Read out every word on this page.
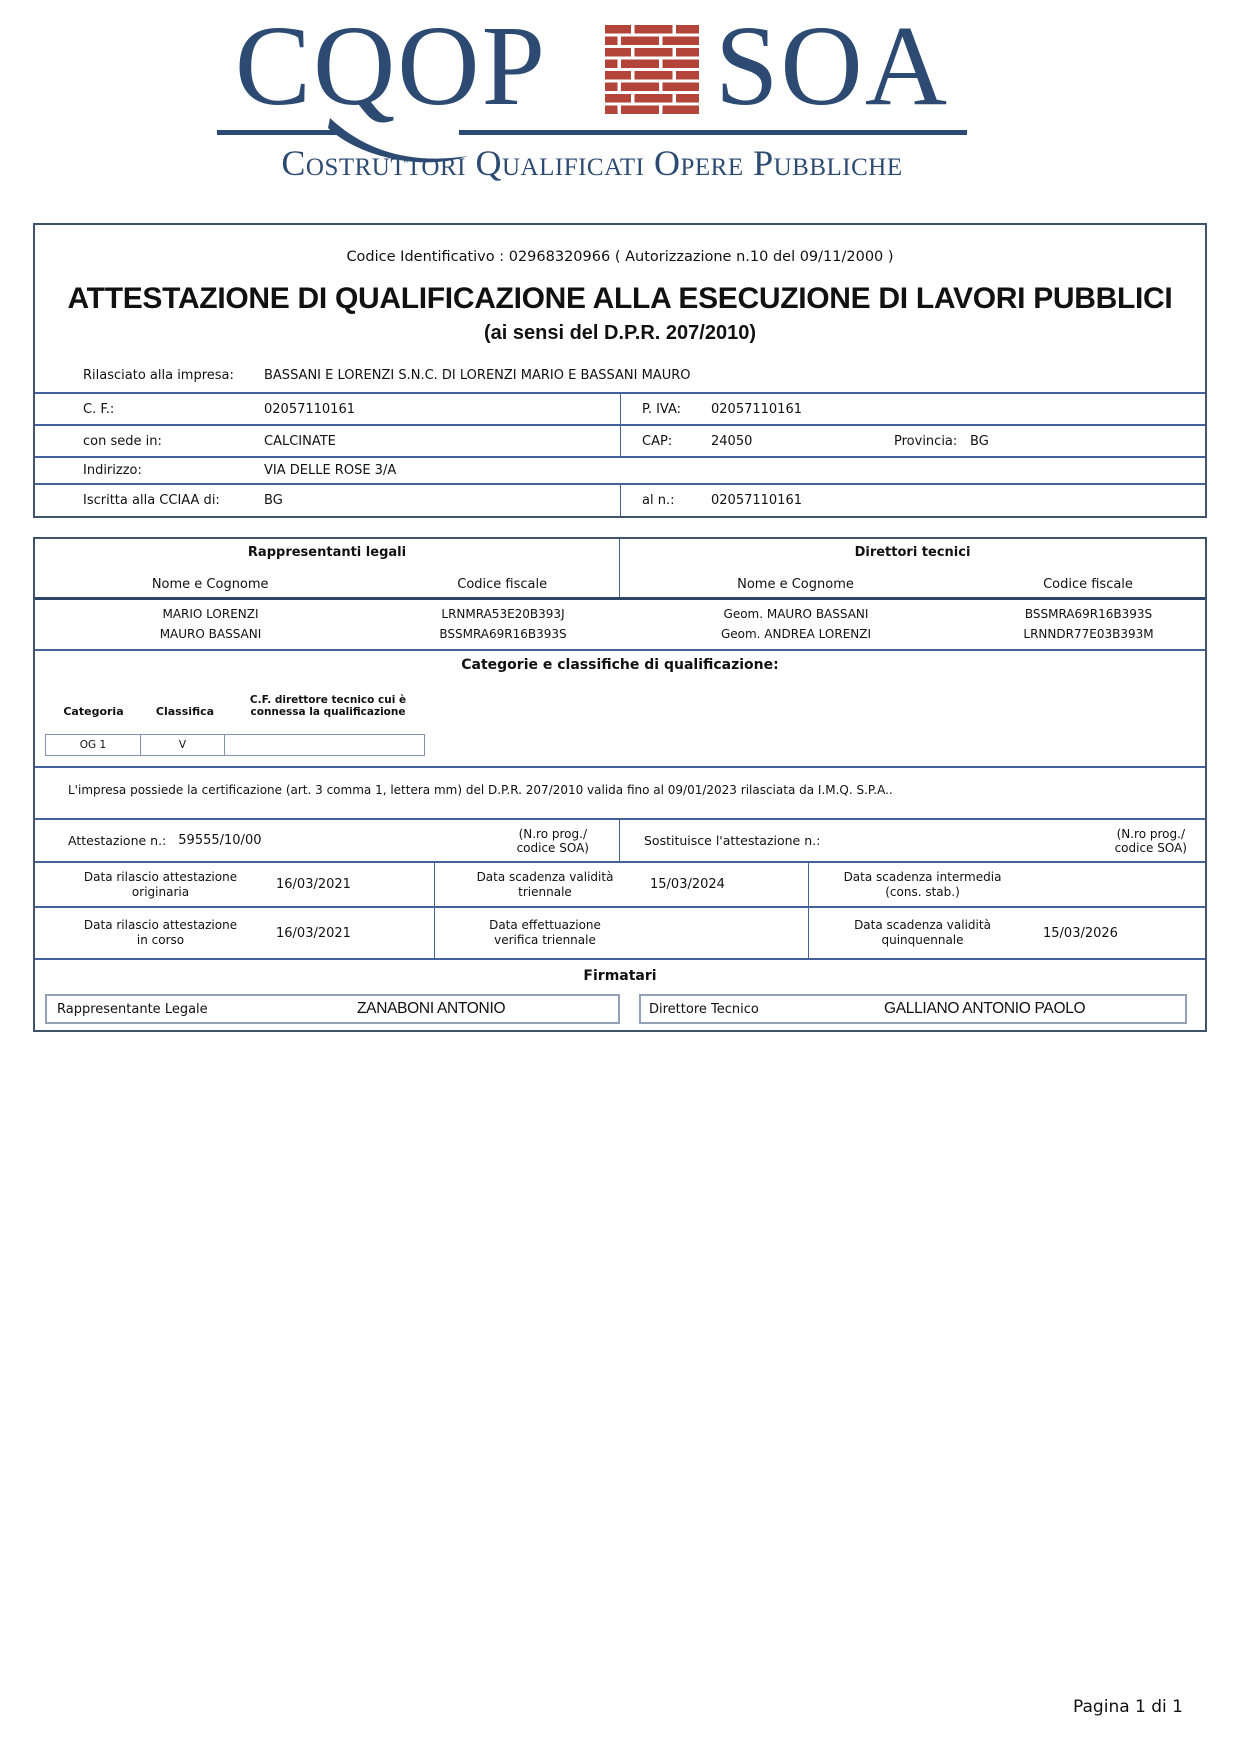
CQOP SOA
Costruttori Qualificati Opere Pubbliche
Codice Identificativo : 02968320966 ( Autorizzazione n.10 del 09/11/2000 )
ATTESTAZIONE DI QUALIFICAZIONE ALLA ESECUZIONE DI LAVORI PUBBLICI
(ai sensi del D.P.R. 207/2010)
Rilasciato alla impresa:	BASSANI E LORENZI S.N.C. DI LORENZI MARIO E BASSANI MAURO
C. F.:	02057110161	P. IVA:	02057110161
con sede in:	CALCINATE	CAP:	24050	Provincia: BG
Indirizzo:	VIA DELLE ROSE 3/A
Iscritta alla CCIAA di:	BG	al n.:	02057110161
Rappresentanti legali
Nome e Cognome	Codice fiscale
Direttori tecnici
Nome e Cognome	Codice fiscale
MARIO LORENZI	LRNMRA53E20B393J	Geom. MAURO BASSANI	BSSMRA69R16B393S
MAURO BASSANI	BSSMRA69R16B393S	Geom. ANDREA LORENZI	LRNNDR77E03B393M
Categorie e classifiche di qualificazione:
Categoria	Classifica
C.F. direttore tecnico cui è
connessa la qualificazione
OG 1	V
L'impresa possiede la certificazione (art. 3 comma 1, lettera mm) del D.P.R. 207/2010 valida fino al 09/01/2023 rilasciata da I.M.Q. S.P.A..
Attestazione n.: 59555/10/00	(N.ro prog./
codice SOA)	Sostituisce l'attestazione n.:	(N.ro prog./
codice SOA)
Data rilascio attestazione
originaria	16/03/2021
Data scadenza validità
triennale	15/03/2024
Data scadenza intermedia
(cons. stab.)
Data rilascio attestazione
in corso	16/03/2021
Data effettuazione
verifica triennale
Data scadenza validità
quinquennale	15/03/2026
Firmatari
Rappresentante Legale	ZANABONI ANTONIO	Direttore Tecnico	GALLIANO ANTONIO PAOLO
Pagina 1 di 1
